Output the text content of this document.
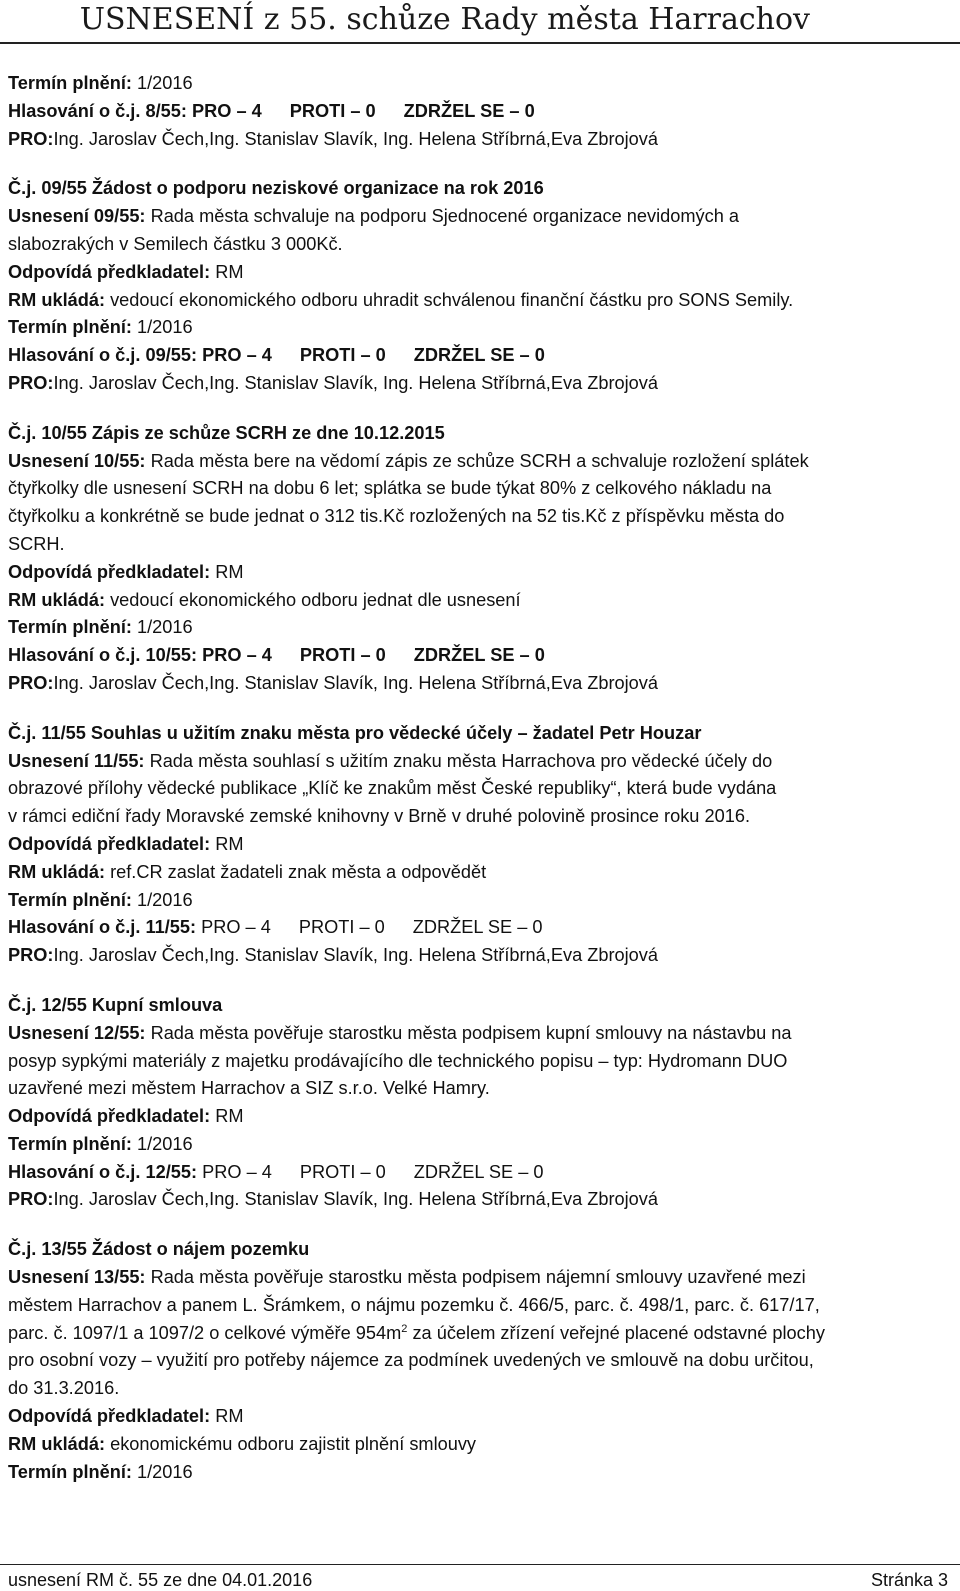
USNESENÍ z 55. schůze Rady města Harrachov
Termín plnění: 1/2016
Hlasování o č.j. 8/55: PRO – 4 PROTI – 0 ZDRŽEL SE – 0
PRO:Ing. Jaroslav Čech,Ing. Stanislav Slavík, Ing. Helena Stříbrná,Eva Zbrojová
Č.j. 09/55 Žádost o podporu neziskové organizace na rok 2016
Usnesení 09/55: Rada města schvaluje na podporu Sjednocené organizace nevidomých a
slabozrakých v Semilech částku 3 000Kč.
Odpovídá předkladatel: RM
RM ukládá: vedoucí ekonomického odboru uhradit schválenou finanční částku pro SONS Semily.
Termín plnění: 1/2016
Hlasování o č.j. 09/55: PRO – 4 PROTI – 0 ZDRŽEL SE – 0
PRO:Ing. Jaroslav Čech,Ing. Stanislav Slavík, Ing. Helena Stříbrná,Eva Zbrojová
Č.j. 10/55 Zápis ze schůze SCRH ze dne 10.12.2015
Usnesení 10/55: Rada města bere na vědomí zápis ze schůze SCRH a schvaluje rozložení splátek
čtyřkolky dle usnesení SCRH na dobu 6 let; splátka se bude týkat 80% z celkového nákladu na
čtyřkolku a konkrétně se bude jednat o 312 tis.Kč rozložených na 52 tis.Kč z příspěvku města do
SCRH.
Odpovídá předkladatel: RM
RM ukládá: vedoucí ekonomického odboru jednat dle usnesení
Termín plnění: 1/2016
Hlasování o č.j. 10/55: PRO – 4 PROTI – 0 ZDRŽEL SE – 0
PRO:Ing. Jaroslav Čech,Ing. Stanislav Slavík, Ing. Helena Stříbrná,Eva Zbrojová
Č.j. 11/55 Souhlas u užitím znaku města pro vědecké účely – žadatel Petr Houzar
Usnesení 11/55: Rada města souhlasí s užitím znaku města Harrachova pro vědecké účely do
obrazové přílohy vědecké publikace „Klíč ke znakům měst České republiky“, která bude vydána
v rámci ediční řady Moravské zemské knihovny v Brně v druhé polovině prosince roku 2016.
Odpovídá předkladatel: RM
RM ukládá: ref.CR zaslat žadateli znak města a odpovědět
Termín plnění: 1/2016
Hlasování o č.j. 11/55: PRO – 4 PROTI – 0 ZDRŽEL SE – 0
PRO:Ing. Jaroslav Čech,Ing. Stanislav Slavík, Ing. Helena Stříbrná,Eva Zbrojová
Č.j. 12/55 Kupní smlouva
Usnesení 12/55: Rada města pověřuje starostku města podpisem kupní smlouvy na nástavbu na
posyp sypkými materiály z majetku prodávajícího dle technického popisu – typ: Hydromann DUO
uzavřené mezi městem Harrachov a SIZ s.r.o. Velké Hamry.
Odpovídá předkladatel: RM
Termín plnění: 1/2016
Hlasování o č.j. 12/55: PRO – 4 PROTI – 0 ZDRŽEL SE – 0
PRO:Ing. Jaroslav Čech,Ing. Stanislav Slavík, Ing. Helena Stříbrná,Eva Zbrojová
Č.j. 13/55 Žádost o nájem pozemku
Usnesení 13/55: Rada města pověřuje starostku města podpisem nájemní smlouvy uzavřené mezi
městem Harrachov a panem L. Šrámkem, o nájmu pozemku č. 466/5, parc. č. 498/1, parc. č. 617/17,
parc. č. 1097/1 a 1097/2 o celkové výměře $954m^2$ za účelem zřízení veřejné placené odstavné plochy
pro osobní vozy – využití pro potřeby nájemce za podmínek uvedených ve smlouvě na dobu určitou,
do 31.3.2016.
Odpovídá předkladatel: RM
RM ukládá: ekonomickému odboru zajistit plnění smlouvy
Termín plnění: 1/2016
usnesení RM č. 55 ze dne 04.01.2016	Stránka 3
